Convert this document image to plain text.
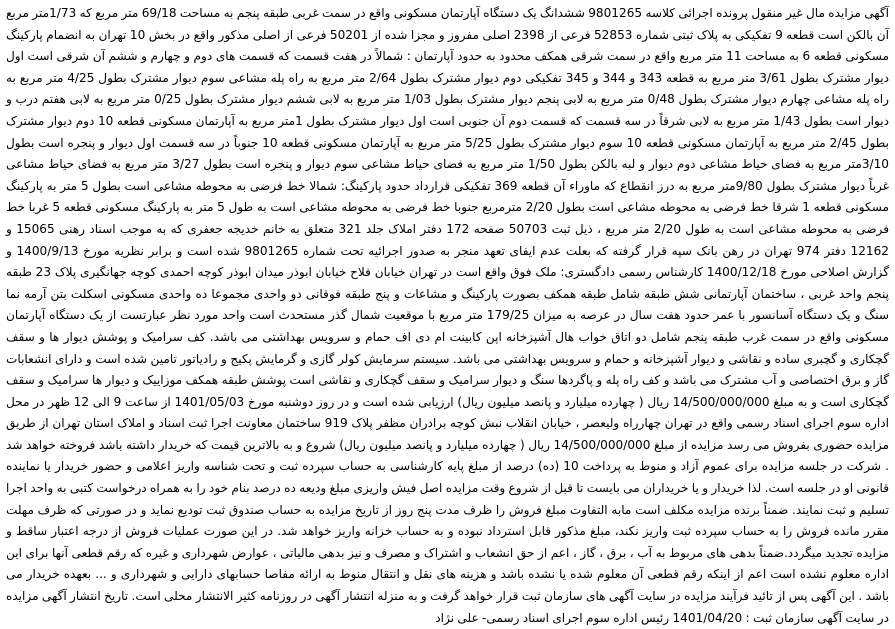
آگهی مزایده مال غیر منقول پرونده اجرائی کلاسه 9801265 ششدانگ یک دستگاه آپارتمان مسکونی واقع در سمت غربی طبقه پنجم به مساحت 69/18 متر مربع که 1/73متر مربع آن بالکن است قطعه 9 تفکیکی به پلاک ثبتی شماره 52853 فرعی از 2398 اصلی مفروز و مجزا شده از 50201 فرعی از اصلی مذکور واقع در بخش 10 تهران به انضمام پارکینگ مسکونی قطعه 6 به مساحت 11 متر مربع واقع در سمت شرقی همکف محدود به حدود آپارتمان : شمالاً در هفت قسمت که قسمت های دوم و چهارم و ششم آن شرقی است اول دیوار مشترک بطول 3/61 متر مربع به قطعه 343 و 344 و 345 تفکیکی دوم دیوار مشترک بطول 2/64 متر مربع به راه پله مشاعی سوم دیوار مشترک بطول 4/25 متر مربع به راه پله مشاعی چهارم دیوار مشترک بطول 0/48 متر مربع به لابی پنجم دیوار مشترک بطول 1/03 متر مربع به لابی ششم دیوار مشترک بطول 0/25 متر مربع به لابی هفتم درب و دیوار است بطول 1/43 متر مربع به لابی شرقاً در سه قسمت که قسمت دوم آن جنوبی است اول دیوار مشترک بطول 1متر مربع به آپارتمان مسکونی قطعه 10 دوم دیوار مشترک بطول 2/45 متر مربع به آپارتمان مسکونی قطعه 10 سوم دیوار مشترک بطول 5/25 متر مربع به آپارتمان مسکونی قطعه 10 جنوباً در سه قسمت اول دیوار و پنجره است بطول 3/10متر مربع به فضای حیاط مشاعی دوم دیوار و لبه بالکن بطول 1/50 متر مربع به فضای حیاط مشاعی سوم دیوار و پنجره است بطول 3/27 متر مربع به فضای حیاط مشاعی غرباً دیوار مشترک بطول 9/80متر مربع به درز انقطاع که ماوراء آن قطعه 369 تفکیکی قرارداد حدود پارکینگ: شمالا خط فرضی به محوطه مشاعی است بطول 5 متر به پارکینگ مسکونی قطعه 1 شرقا خط فرضی به محوطه مشاعی است بطول 2/20 مترمربع جنوبا خط فرضی به محوطه مشاعی است به طول 5 متر به پارکینگ مسکونی قطعه 5 غربا خط فرضی به محوطه مشاعی است به طول 2/20 متر مربع ، ذیل ثبت 50703 صفحه 172 دفتر املاک جلد 321 متعلق به خانم خدیجه جعفری که به موجب اسناد رهنی 15065 و 12162 دفتر 974 تهران در رهن بانک سپه قرار گرفته که بعلت عدم ایفای تعهد منجر به صدور اجرائیه تحت شماره 9801265 شده است و برابر نظریه مورخ 1400/9/13 و گزارش اصلاحی مورخ 1400/12/18 کارشناس رسمی دادگستری: ملک فوق واقع است در تهران خیابان فلاح خیابان ابوذر میدان ابوذر کوچه احمدی کوچه جهانگیری پلاک 23 طبقه پنجم واحد غربی ، ساختمان آپارتمانی شش طبقه شامل طبقه همکف بصورت پارکینگ و مشاعات و پنج طبقه فوقانی دو واحدی مجموعا ده واحدی مسکونی اسکلت بتن آرمه نما سنگ و یک دستگاه آسانسور با عمر حدود هفت سال در عرصه به میزان 179/25 متر مربع با موقعیت شمال گذر مستحدث است واحد مورد نظر عبارتست از یک دستگاه آپارتمان مسکونی واقع در سمت غرب طبقه پنجم شامل دو اتاق خواب هال آشپزخانه اپن کابینت ام دی اف حمام و سرویس بهداشتی می باشد. کف سرامیک و پوشش دیوار ها و سقف گچکاری و گچبری ساده و نقاشی و دیوار آشپزخانه و حمام و سرویس بهداشتی می باشد. سیستم سرمایش کولر گازی و گرمایش پکیج و رادیاتور تامین شده است و دارای انشعابات گاز و برق اختصاصی و آب مشترک می باشد و کف راه پله و پاگردها سنگ و دیوار سرامیک و سقف گچکاری و نقاشی است پوشش طبقه همکف موزاییک و دیوار ها سرامیک و سقف گچکاری است و به مبلغ 14/500/000/000 ریال ( چهارده میلیارد و پانصد میلیون ریال) ارزیابی شده است و در روز دوشنبه مورخ 1401/05/03 از ساعت 9 الی 12 ظهر در محل اداره سوم اجرای اسناد رسمی واقع در تهران چهارراه ولیعصر ، خیابان انقلاب نبش کوچه برادران مظفر پلاک 919 ساختمان معاونت اجرا ثبت اسناد و املاک استان تهران از طریق مزایده حضوری بفروش می رسد مزایده از مبلغ 14/500/000/000 ریال ( چهارده میلیارد و پانصد میلیون ریال) شروع و به بالاترین قیمت که خریدار داشته باشد فروخته خواهد شد . شرکت در جلسه مزایده برای عموم آزاد و منوط به پرداخت 10 (ده) درصد از مبلغ پایه کارشناسی به حساب سپرده ثبت و تحت شناسه واریز اعلامی و حضور خریدار یا نماینده قانونی او در جلسه است. لذا خریدار و یا خریداران می بایست تا قبل از شروع وقت مزایده اصل فیش واریزی مبلغ ودیعه ده درصد بنام خود را به همراه درخواست کتبی به واحد اجرا تسلیم و ثبت نمایند. ضمناً برنده مزایده مکلف است مابه التفاوت مبلغ فروش را ظرف مدت پنج روز از تاریخ مزایده به حساب صندوق ثبت تودیع نماید و در صورتی که ظرف مهلت مقرر مانده فروش را به حساب سپرده ثبت واریز نکند، مبلغ مذکور قابل استرداد نبوده و به حساب خزانه واریز خواهد شد. در این صورت عملیات فروش از درجه اعتبار ساقط و مزایده تجدید میگردد.ضمناً بدهی های مربوط به آب ، برق ، گاز ، اعم از حق انشعاب و اشتراک و مصرف و نیز بدهی مالیاتی ، عوارض شهرداری و غیره که رقم قطعی آنها برای این اداره معلوم نشده است اعم از اینکه رقم قطعی آن معلوم شده یا نشده باشد و هزینه های نقل و انتقال منوط به ارائه مفاصا حسابهای دارایی و شهرداری و ... بعهده خریدار می باشد . این آگهی پس از تائید فرآیند مزایده در سایت آگهی های سازمان ثبت قرار خواهد گرفت و به منزله انتشار آگهی در روزنامه کثیر الانتشار محلی است. تاریخ انتشار آگهی مزایده در سایت آگهی سازمان ثبت : 1401/04/20 رئیس اداره سوم اجرای اسناد رسمی- علی نژاد
